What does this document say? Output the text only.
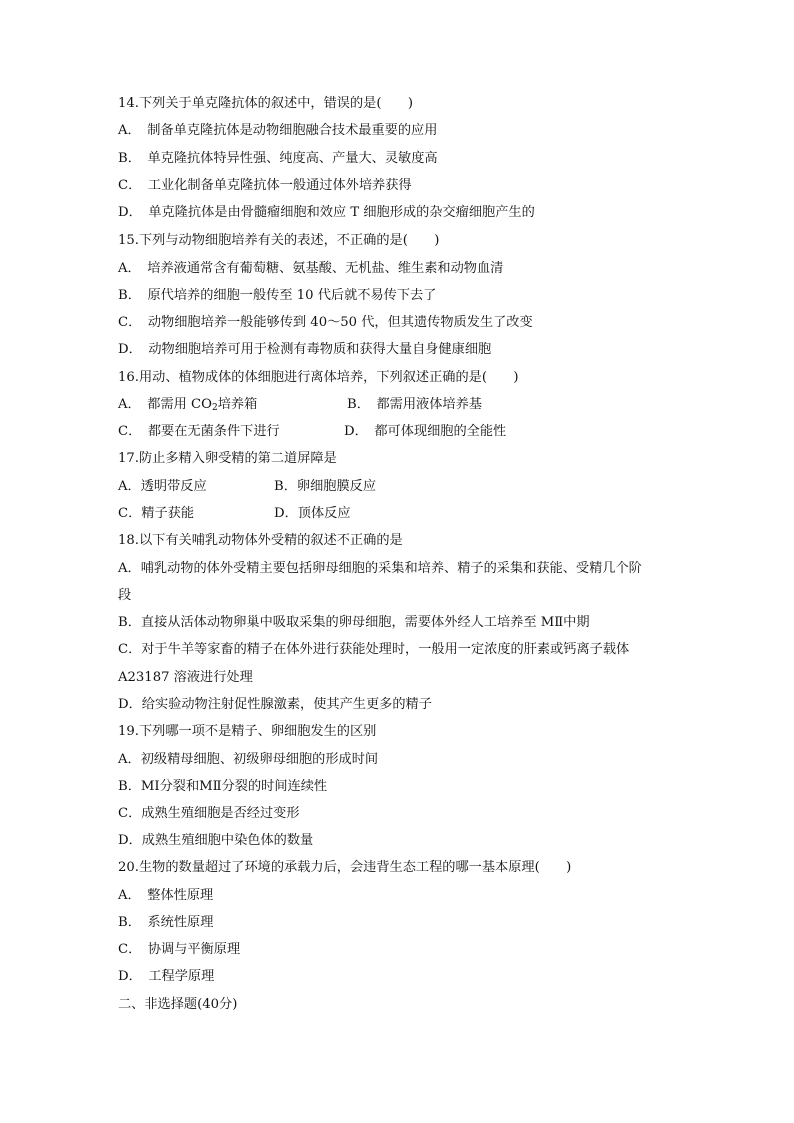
14.下列关于单克隆抗体的叙述中，错误的是(　　)
A．　制备单克隆抗体是动物细胞融合技术最重要的应用
B．　单克隆抗体特异性强、纯度高、产量大、灵敏度高
C．　工业化制备单克隆抗体一般通过体外培养获得
D．　单克隆抗体是由骨髓瘤细胞和效应 T 细胞形成的杂交瘤细胞产生的
15.下列与动物细胞培养有关的表述，不正确的是(　　)
A．　培养液通常含有葡萄糖、氨基酸、无机盐、维生素和动物血清
B．　原代培养的细胞一般传至 10 代后就不易传下去了
C．　动物细胞培养一般能够传到 40～50 代，但其遗传物质发生了改变
D．　动物细胞培养可用于检测有毒物质和获得大量自身健康细胞
16.用动、植物成体的体细胞进行离体培养，下列叙述正确的是(　　)
A．　都需用 $CO_2$培养箱	B．　都需用液体培养基
C．　都要在无菌条件下进行	D．　都可体现细胞的全能性
17.防止多精入卵受精的第二道屏障是
A．透明带反应	B．卵细胞膜反应
C．精子获能	D．顶体反应
18.以下有关哺乳动物体外受精的叙述不正确的是
A．哺乳动物的体外受精主要包括卵母细胞的采集和培养、精子的采集和获能、受精几个阶
段
B．直接从活体动物卵巢中吸取采集的卵母细胞，需要体外经人工培养至 MⅡ中期
C．对于牛羊等家畜的精子在体外进行获能处理时，一般用一定浓度的肝素或钙离子载体
A23187 溶液进行处理
D．给实验动物注射促性腺激素，使其产生更多的精子
19.下列哪一项不是精子、卵细胞发生的区别
A．初级精母细胞、初级卵母细胞的形成时间
B．MⅠ分裂和MⅡ分裂的时间连续性
C．成熟生殖细胞是否经过变形
D．成熟生殖细胞中染色体的数量
20.生物的数量超过了环境的承载力后，会违背生态工程的哪一基本原理(　　)
A．　整体性原理
B．　系统性原理
C．　协调与平衡原理
D．　工程学原理
二、非选择题(40分)
